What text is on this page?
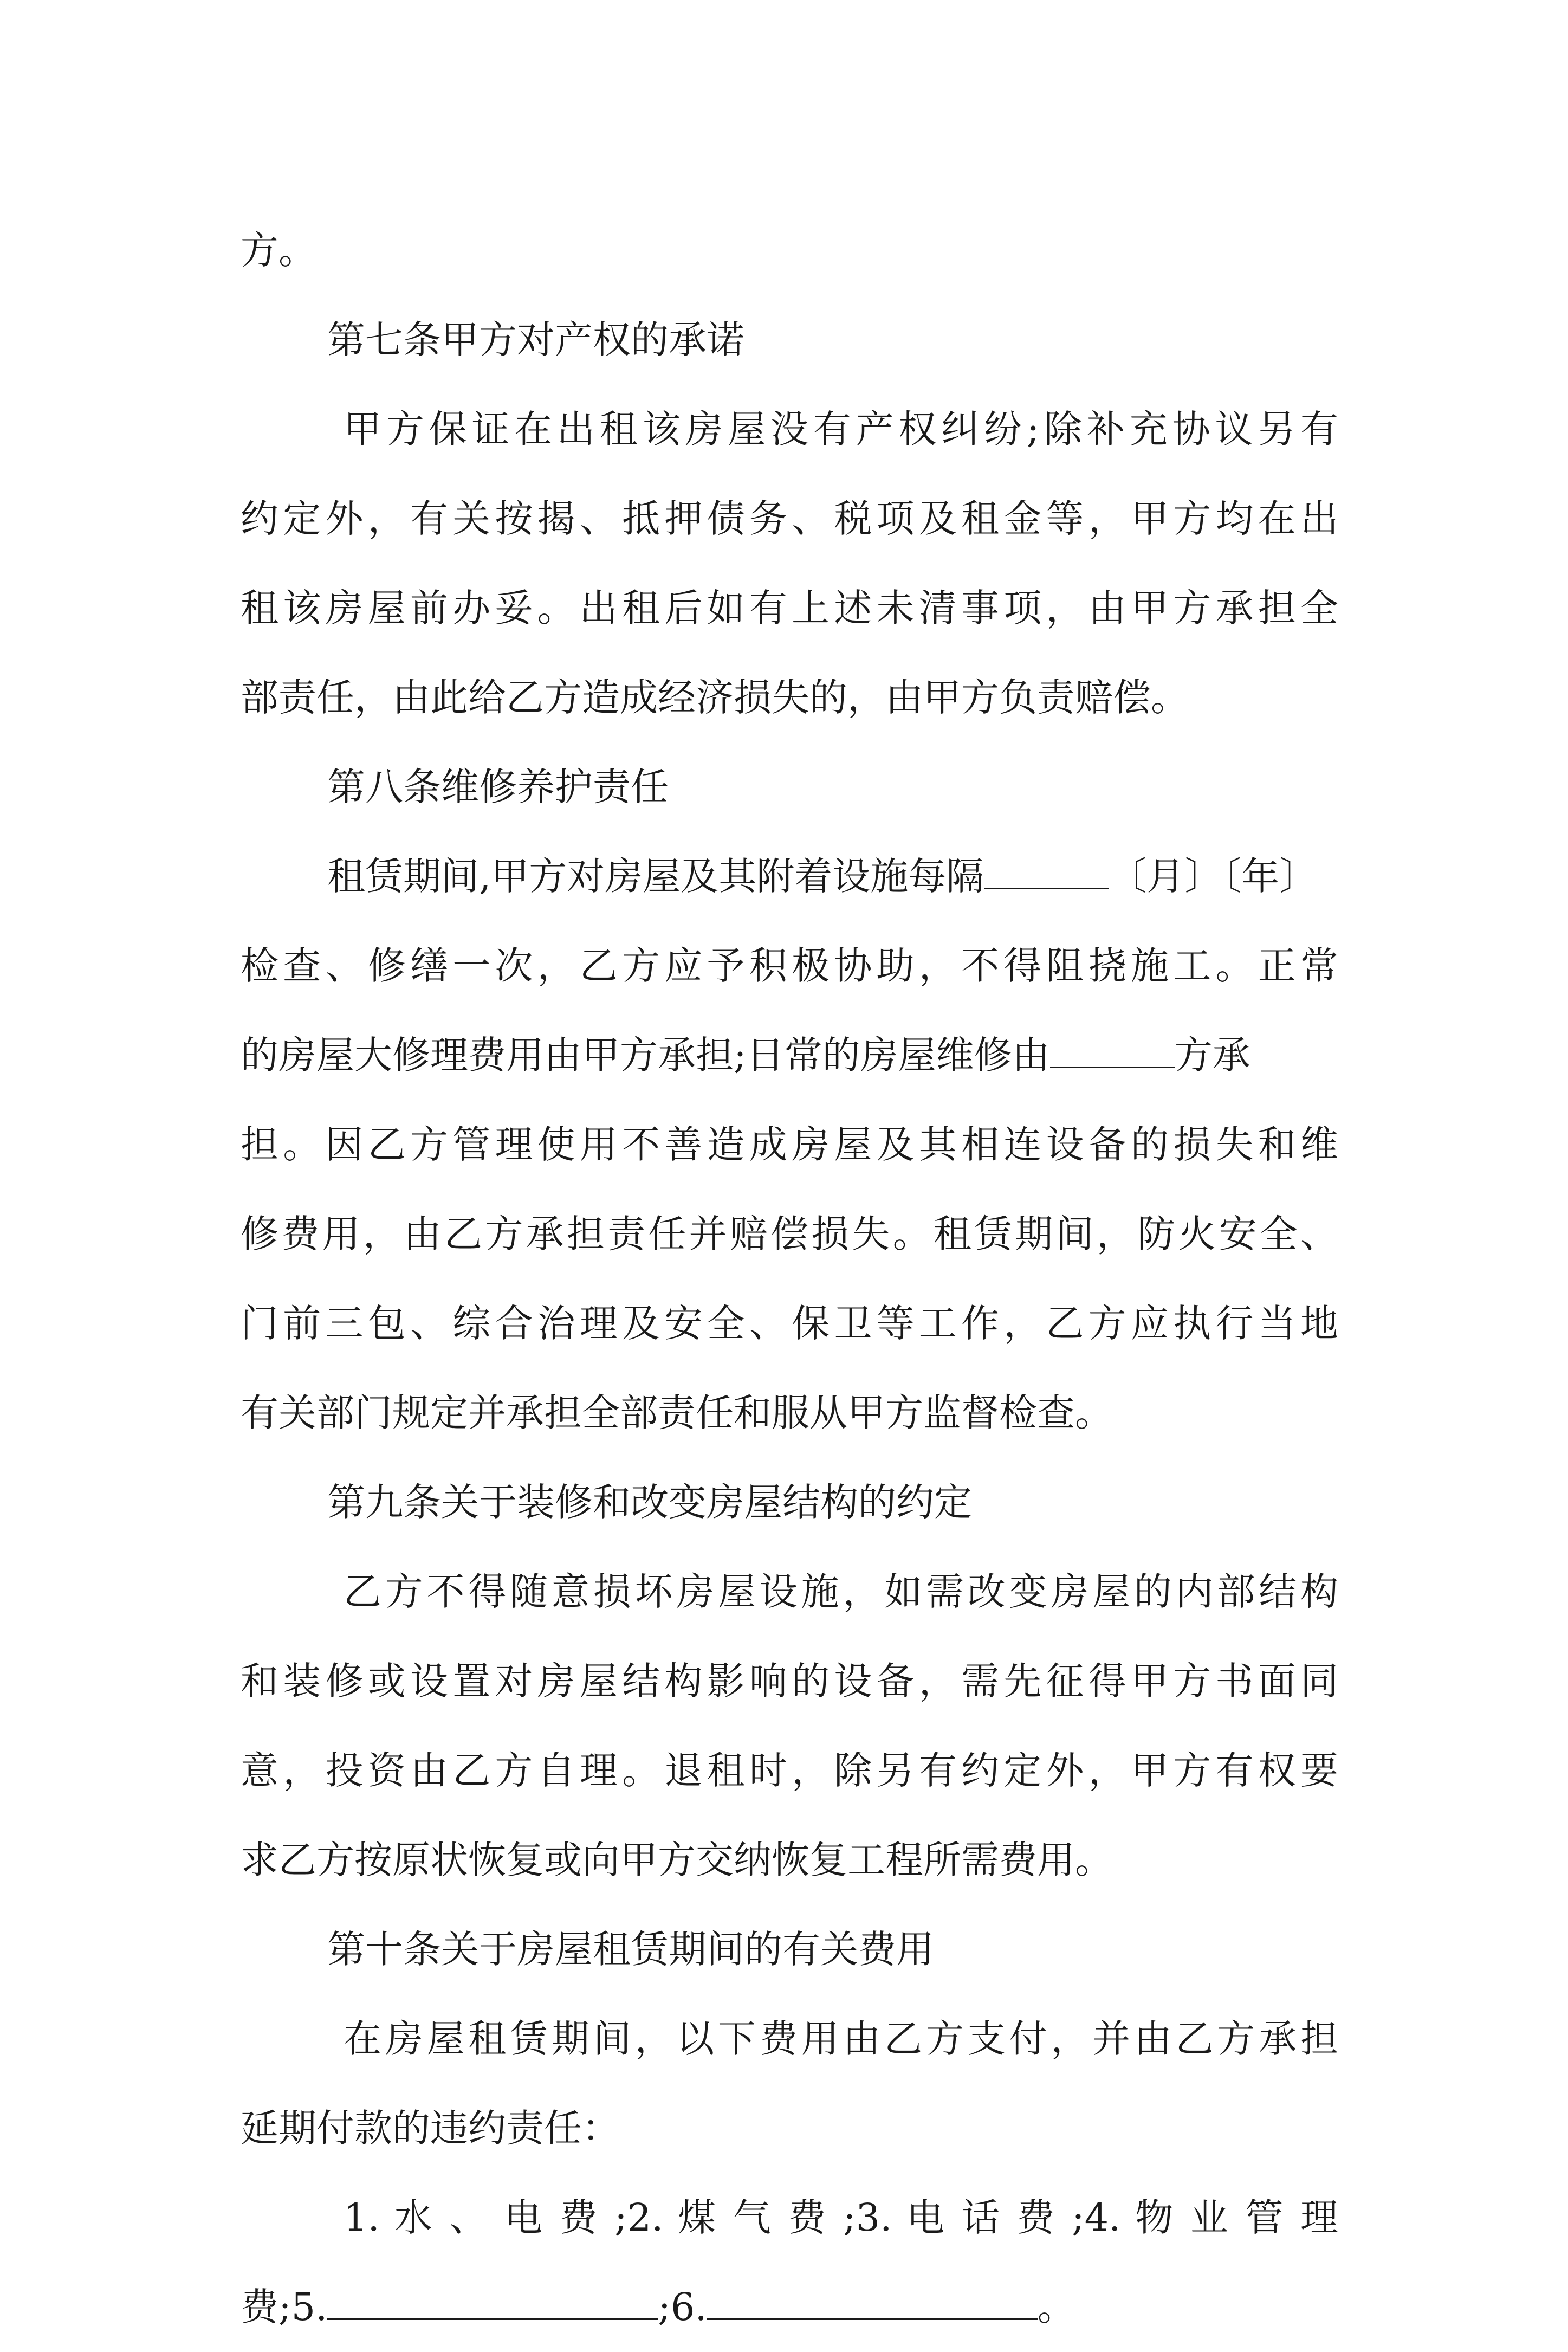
方。
第七条甲方对产权的承诺
甲方保证在出租该房屋没有产权纠纷;除补充协议另有
约定外，有关按揭、抵押债务、税项及租金等，甲方均在出
租该房屋前办妥。出租后如有上述未清事项，由甲方承担全
部责任，由此给乙方造成经济损失的，由甲方负责赔偿。
第八条维修养护责任
租赁期间,甲方对房屋及其附着设施每隔	〔月〕〔年〕
检查、修缮一次，乙方应予积极协助，不得阻挠施工。正常
的房屋大修理费用由甲方承担;日常的房屋维修由	方承
担。因乙方管理使用不善造成房屋及其相连设备的损失和维
修费用，由乙方承担责任并赔偿损失。租赁期间，防火安全、
门前三包、综合治理及安全、保卫等工作，乙方应执行当地
有关部门规定并承担全部责任和服从甲方监督检查。
第九条关于装修和改变房屋结构的约定
乙方不得随意损坏房屋设施，如需改变房屋的内部结构
和装修或设置对房屋结构影响的设备，需先征得甲方书面同
意，投资由乙方自理。退租时，除另有约定外，甲方有权要
求乙方按原状恢复或向甲方交纳恢复工程所需费用。
第十条关于房屋租赁期间的有关费用
在房屋租赁期间，以下费用由乙方支付，并由乙方承担
延期付款的违约责任：
1. 水 、 电 费 ;2. 煤 气 费 ;3. 电 话 费 ;4. 物 业 管 理
费;5.	;6.	。
